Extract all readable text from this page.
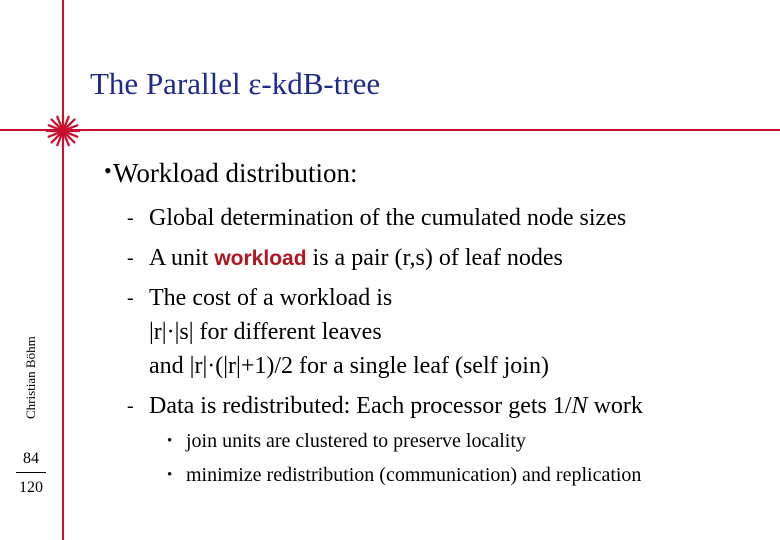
The Parallel ε-kdB-tree
Christian Böhm
84
120
• Workload distribution:
- Global determination of the cumulated node sizes
- A unit workload is a pair (r,s) of leaf nodes
- The cost of a workload is
|r|·|s| for different leaves
and |r|·(|r|+1)/2 for a single leaf (self join)
- Data is redistributed: Each processor gets 1/N work
• join units are clustered to preserve locality
• minimize redistribution (communication) and replication
